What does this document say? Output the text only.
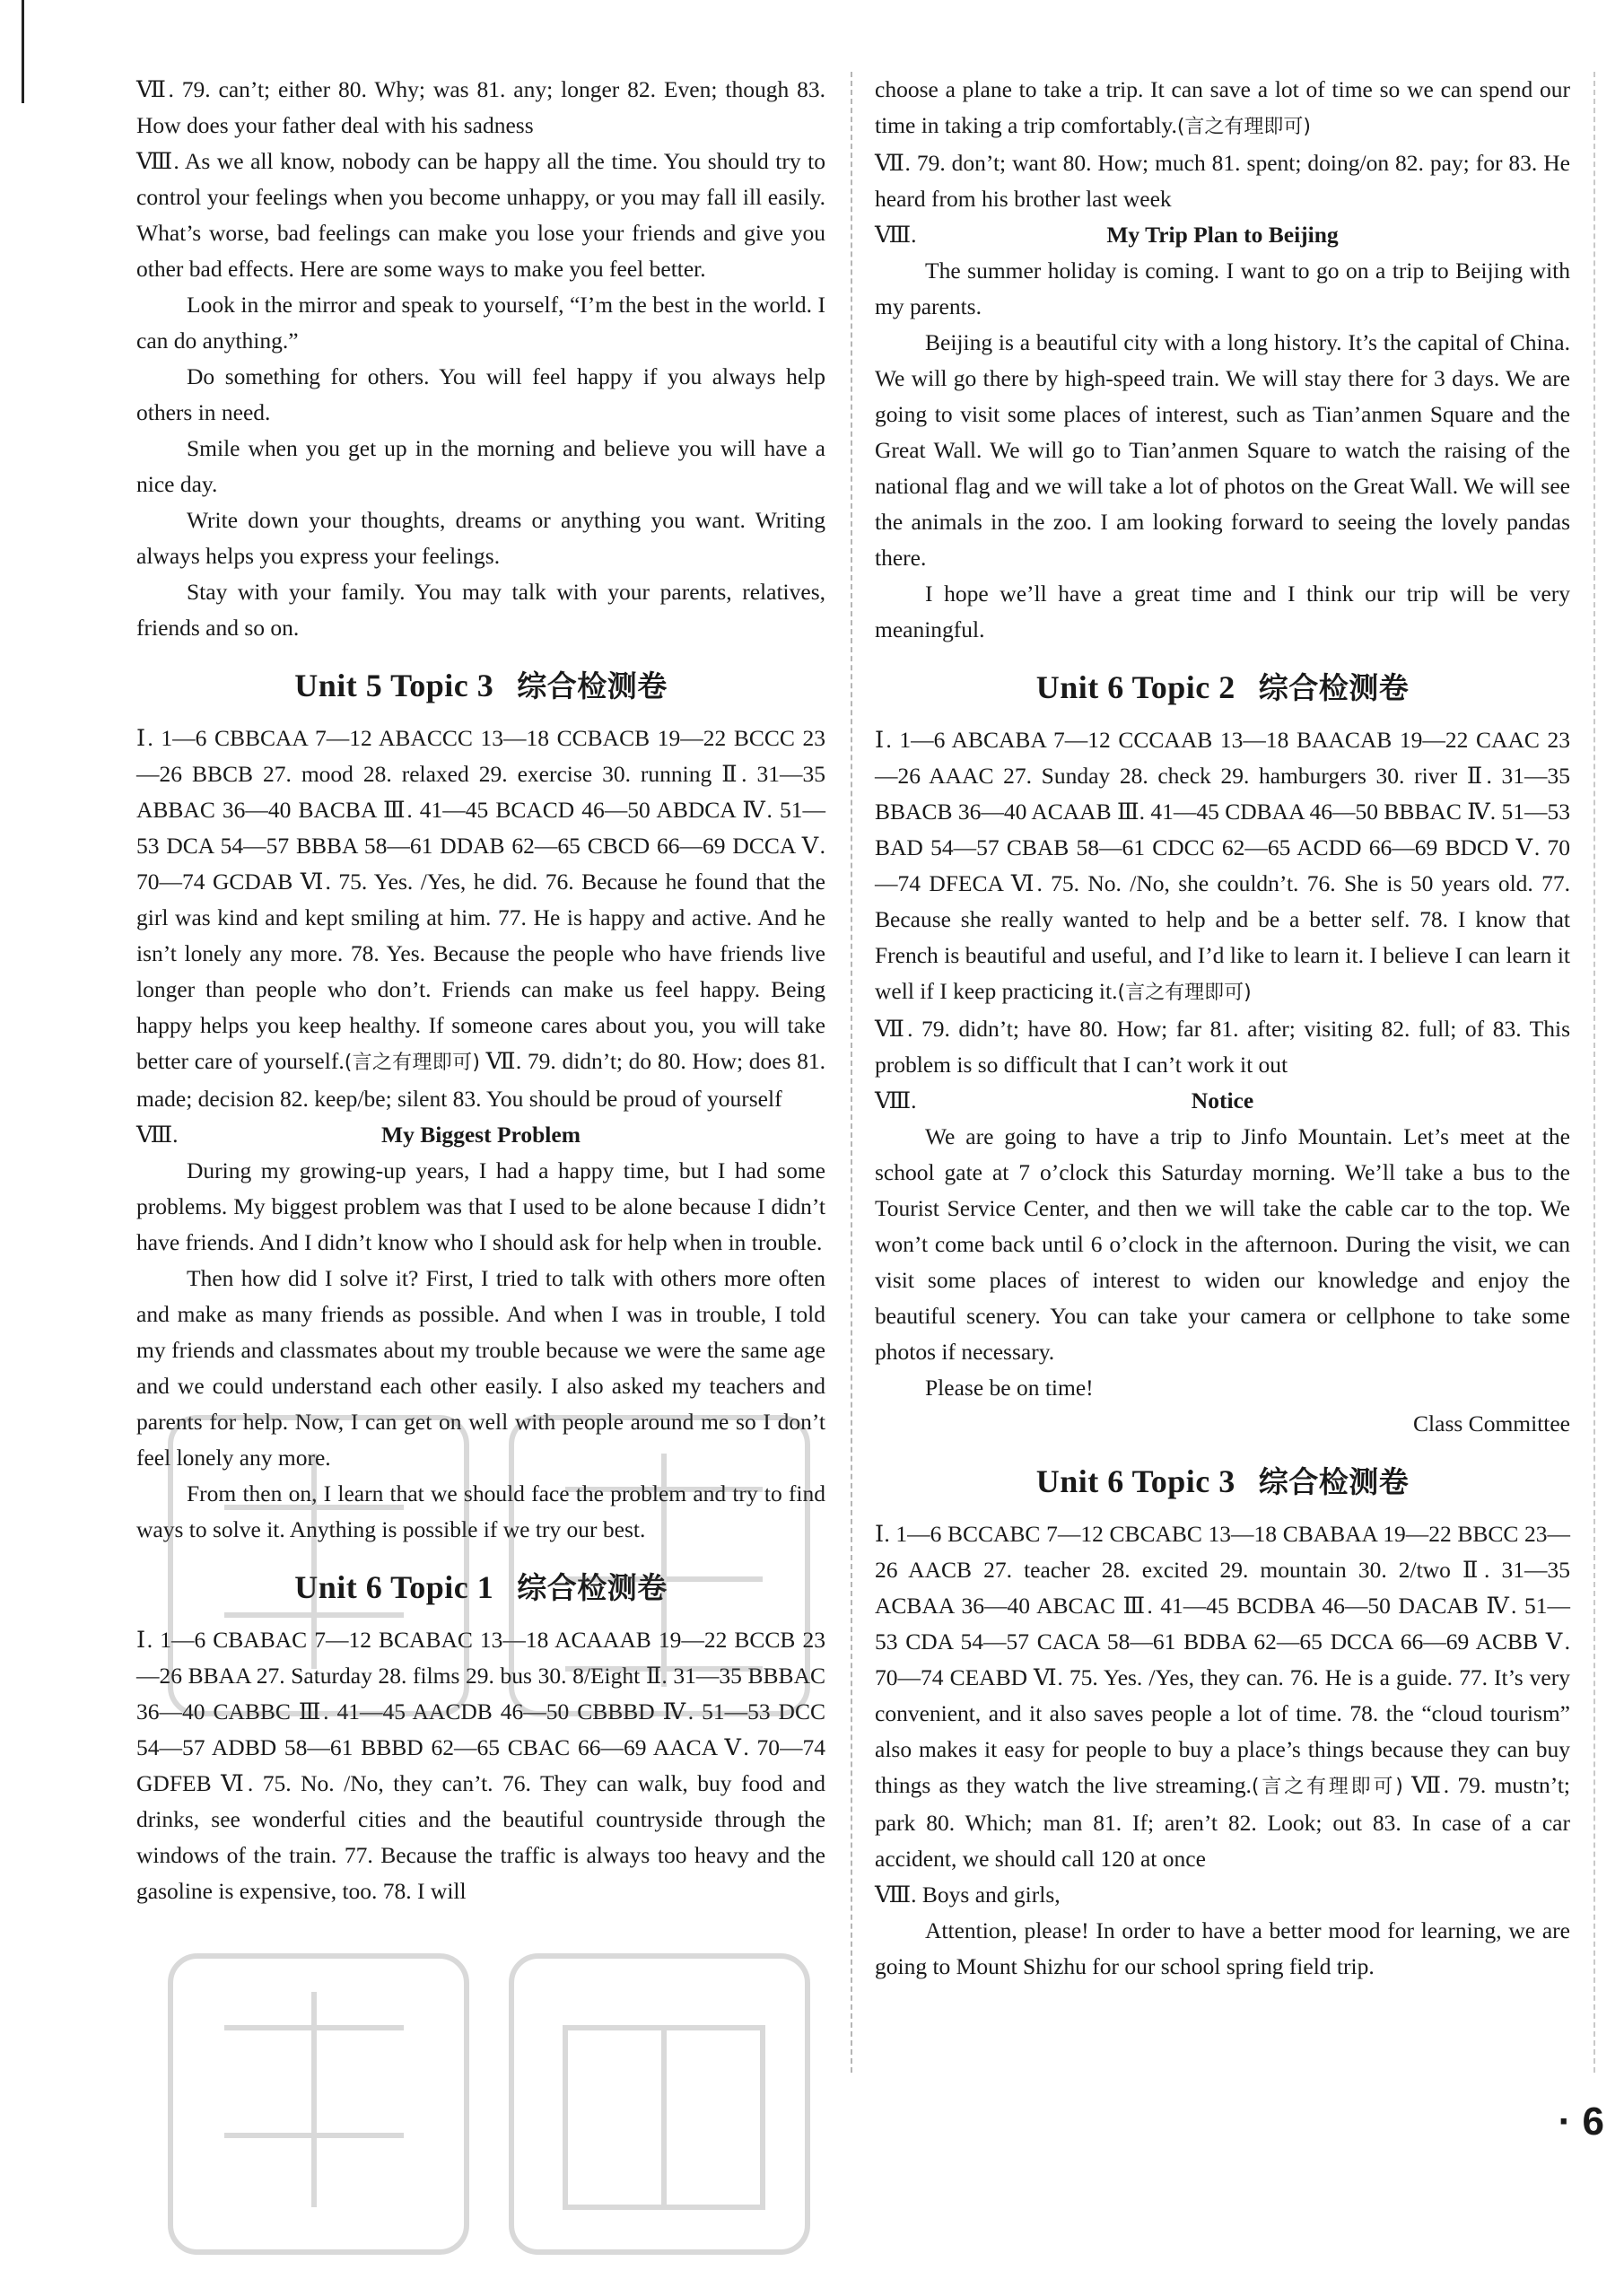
Ⅶ. 79. can’t; either 80. Why; was 81. any; longer 82. Even; though 83. How does your father deal with his sadness

Ⅷ. As we all know, nobody can be happy all the time. You should try to control your feelings when you become unhappy, or you may fall ill easily. What’s worse, bad feelings can make you lose your friends and give you other bad effects. Here are some ways to make you feel better.

Look in the mirror and speak to yourself, “I’m the best in the world. I can do anything.”

Do something for others. You will feel happy if you always help others in need.

Smile when you get up in the morning and believe you will have a nice day.

Write down your thoughts, dreams or anything you want. Writing always helps you express your feelings.

Stay with your family. You may talk with your parents, relatives, friends and so on.

Unit 5 Topic 3 综合检测卷

Ⅰ. 1—6 CBBCAA 7—12 ABACCC 13—18 CCBACB 19—22 BCCC 23—26 BBCB 27. mood 28. relaxed 29. exercise 30. running Ⅱ. 31—35 ABBAC 36—40 BACBA Ⅲ. 41—45 BCACD 46—50 ABDCA Ⅳ. 51—53 DCA 54—57 BBBA 58—61 DDAB 62—65 CBCD 66—69 DCCA Ⅴ. 70—74 GCDAB Ⅵ. 75. Yes. /Yes, he did. 76. Because he found that the girl was kind and kept smiling at him. 77. He is happy and active. And he isn’t lonely any more. 78. Yes. Because the people who have friends live longer than people who don’t. Friends can make us feel happy. Being happy helps you keep healthy. If someone cares about you, you will take better care of yourself.(言之有理即可) Ⅶ. 79. didn’t; do 80. How; does 81. made; decision 82. keep/be; silent 83. You should be proud of yourself

Ⅷ.	My Biggest Problem

During my growing-up years, I had a happy time, but I had some problems. My biggest problem was that I used to be alone because I didn’t have friends. And I didn’t know who I should ask for help when in trouble.

Then how did I solve it? First, I tried to talk with others more often and make as many friends as possible. And when I was in trouble, I told my friends and classmates about my trouble because we were the same age and we could understand each other easily. I also asked my teachers and parents for help. Now, I can get on well with people around me so I don’t feel lonely any more.

From then on, I learn that we should face the problem and try to find ways to solve it. Anything is possible if we try our best.

Unit 6 Topic 1 综合检测卷

Ⅰ. 1—6 CBABAC 7—12 BCABAC 13—18 ACAAAB 19—22 BCCB 23—26 BBAA 27. Saturday 28. films 29. bus 30. 8/Eight Ⅱ. 31—35 BBBAC 36—40 CABBC Ⅲ. 41—45 AACDB 46—50 CBBBD Ⅳ. 51—53 DCC 54—57 ADBD 58—61 BBBD 62—65 CBAC 66—69 AACA Ⅴ. 70—74 GDFEB Ⅵ. 75. No. /No, they can’t. 76. They can walk, buy food and drinks, see wonderful cities and the beautiful countryside through the windows of the train. 77. Because the traffic is always too heavy and the gasoline is expensive, too. 78. I will

choose a plane to take a trip. It can save a lot of time so we can spend our time in taking a trip comfortably.(言之有理即可)

Ⅶ. 79. don’t; want 80. How; much 81. spent; doing/on 82. pay; for 83. He heard from his brother last week

Ⅷ.	My Trip Plan to Beijing

The summer holiday is coming. I want to go on a trip to Beijing with my parents.

Beijing is a beautiful city with a long history. It’s the capital of China. We will go there by high-speed train. We will stay there for 3 days. We are going to visit some places of interest, such as Tian’anmen Square and the Great Wall. We will go to Tian’anmen Square to watch the raising of the national flag and we will take a lot of photos on the Great Wall. We will see the animals in the zoo. I am looking forward to seeing the lovely pandas there.

I hope we’ll have a great time and I think our trip will be very meaningful.

Unit 6 Topic 2 综合检测卷

Ⅰ. 1—6 ABCABA 7—12 CCCAAB 13—18 BAACAB 19—22 CAAC 23—26 AAAC 27. Sunday 28. check 29. hamburgers 30. river Ⅱ. 31—35 BBACB 36—40 ACAAB Ⅲ. 41—45 CDBAA 46—50 BBBAC Ⅳ. 51—53 BAD 54—57 CBAB 58—61 CDCC 62—65 ACDD 66—69 BDCD Ⅴ. 70—74 DFECA Ⅵ. 75. No. /No, she couldn’t. 76. She is 50 years old. 77. Because she really wanted to help and be a better self. 78. I know that French is beautiful and useful, and I’d like to learn it. I believe I can learn it well if I keep practicing it.(言之有理即可)

Ⅶ. 79. didn’t; have 80. How; far 81. after; visiting 82. full; of 83. This problem is so difficult that I can’t work it out

Ⅷ.	Notice

We are going to have a trip to Jinfo Mountain. Let’s meet at the school gate at 7 o’clock this Saturday morning. We’ll take a bus to the Tourist Service Center, and then we will take the cable car to the top. We won’t come back until 6 o’clock in the afternoon. During the visit, we can visit some places of interest to widen our knowledge and enjoy the beautiful scenery. You can take your camera or cellphone to take some photos if necessary.

Please be on time!

Class Committee

Unit 6 Topic 3 综合检测卷

Ⅰ. 1—6 BCCABC 7—12 CBCABC 13—18 CBABAA 19—22 BBCC 23—26 AACB 27. teacher 28. excited 29. mountain 30. 2/two Ⅱ. 31—35 ACBAA 36—40 ABCAC Ⅲ. 41—45 BCDBA 46—50 DACAB Ⅳ. 51—53 CDA 54—57 CACA 58—61 BDBA 62—65 DCCA 66—69 ACBB Ⅴ. 70—74 CEABD Ⅵ. 75. Yes. /Yes, they can. 76. He is a guide. 77. It’s very convenient, and it also saves people a lot of time. 78. the “cloud tourism” also makes it easy for people to buy a place’s things because they can buy things as they watch the live streaming.(言之有理即可) Ⅶ. 79. mustn’t; park 80. Which; man 81. If; aren’t 82. Look; out 83. In case of a car accident, we should call 120 at once

Ⅷ. Boys and girls,

Attention, please! In order to have a better mood for learning, we are going to Mount Shizhu for our school spring field trip.

· 6
